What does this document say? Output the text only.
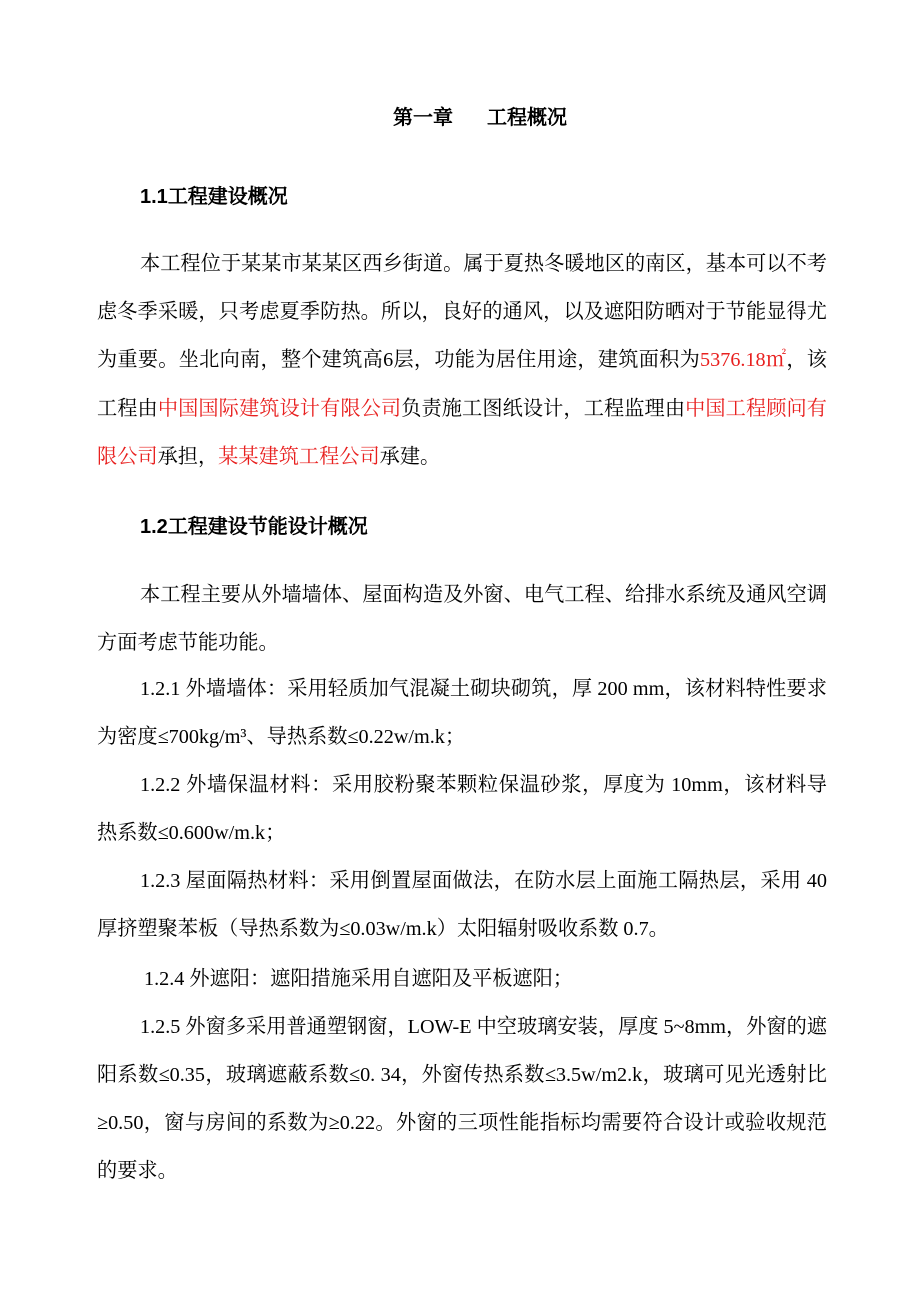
第一章 工程概况
1.1工程建设概况
本工程位于某某市某某区西乡街道。属于夏热冬暖地区的南区，基本可以不考虑冬季采暖，只考虑夏季防热。所以，良好的通风，以及遮阳防晒对于节能显得尤为重要。坐北向南，整个建筑高6层，功能为居住用途，建筑面积为5376.18㎡，该工程由中国国际建筑设计有限公司负责施工图纸设计，工程监理由中国工程顾问有限公司承担，某某建筑工程公司承建。
1.2工程建设节能设计概况
本工程主要从外墙墙体、屋面构造及外窗、电气工程、给排水系统及通风空调方面考虑节能功能。
1.2.1 外墙墙体：采用轻质加气混凝土砌块砌筑，厚 200 mm，该材料特性要求为密度≤700kg/m³、导热系数≤0.22w/m.k；
1.2.2 外墙保温材料：采用胶粉聚苯颗粒保温砂浆，厚度为 10mm，该材料导热系数≤0.600w/m.k；
1.2.3 屋面隔热材料：采用倒置屋面做法，在防水层上面施工隔热层，采用 40 厚挤塑聚苯板（导热系数为≤0.03w/m.k）太阳辐射吸收系数 0.7。
1.2.4 外遮阳：遮阳措施采用自遮阳及平板遮阳；
1.2.5 外窗多采用普通塑钢窗，LOW-E 中空玻璃安装，厚度 5~8mm，外窗的遮阳系数≤0.35，玻璃遮蔽系数≤0. 34，外窗传热系数≤3.5w/m2.k，玻璃可见光透射比≥0.50，窗与房间的系数为≥0.22。外窗的三项性能指标均需要符合设计或验收规范的要求。
